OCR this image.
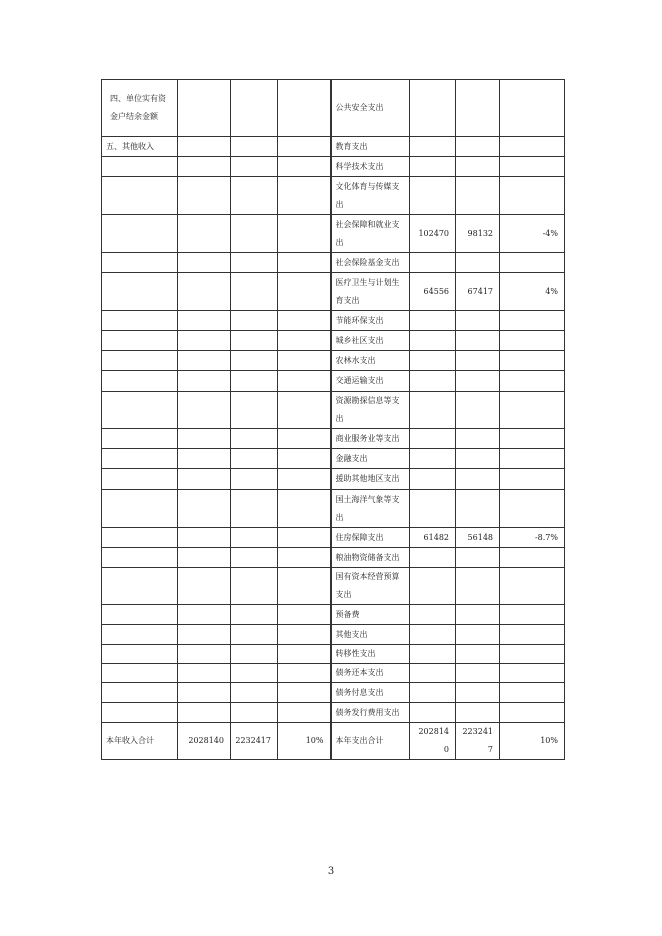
四、单位实有资金户结余金额				公共安全支出			
五、其他收入				教育支出			
				科学技术支出			
				文化体育与传媒支出			
				社会保障和就业支出	102470	98132	-4%
				社会保险基金支出			
				医疗卫生与计划生育支出	64556	67417	4%
				节能环保支出			
				城乡社区支出			
				农林水支出			
				交通运输支出			
				资源勘探信息等支出			
				商业服务业等支出			
				金融支出			
				援助其他地区支出			
				国土海洋气象等支出			
				住房保障支出	61482	56148	-8.7%
				粮油物资储备支出			
				国有资本经营预算支出			
				预备费			
				其他支出			
				转移性支出			
				债务还本支出			
				债务付息支出			
				债务发行费用支出			
本年收入合计	2028140	2232417	10%	本年支出合计	2028140	2232417	10%
3
